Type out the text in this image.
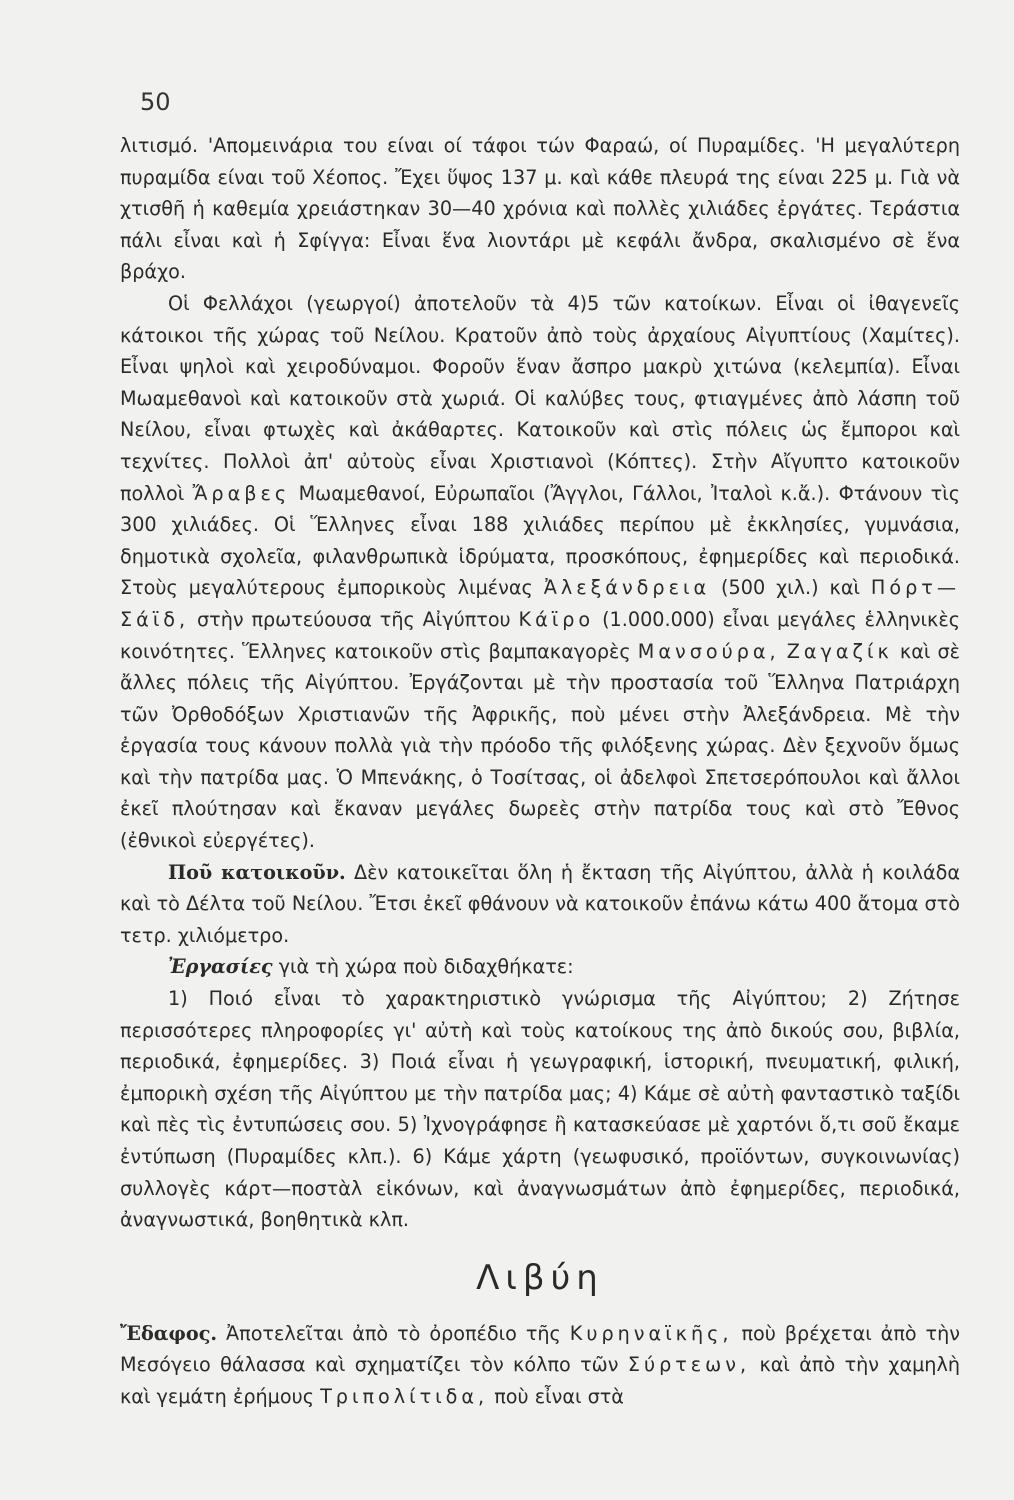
50

λιτισμό. 'Απομεινάρια του είναι οί τάφοι τών Φαραώ, οί Πυραμίδες. 'Η μεγαλύτερη πυραμίδα είναι τοῦ Χέοπος. Ἔχει ὕψος 137 μ. καὶ κάθε πλευρά της είναι 225 μ. Γιὰ νὰ χτισθῆ ἡ καθεμία χρειάστηκαν 30—40 χρόνια καὶ πολλὲς χιλιάδες ἐργάτες. Τεράστια πάλι εἶναι καὶ ἡ Σφίγγα: Εἶναι ἕνα λιοντάρι μὲ κεφάλι ἄνδρα, σκαλισμένο σὲ ἕνα βράχο.

Οἱ Φελλάχοι (γεωργοί) ἀποτελοῦν τὰ 4)5 τῶν κατοίκων. Εἶναι οἱ ἰθαγενεῖς κάτοικοι τῆς χώρας τοῦ Νείλου. Κρατοῦν ἀπὸ τοὺς ἀρχαίους Αἰγυπτίους (Χαμίτες). Εἶναι ψηλοὶ καὶ χειροδύναμοι. Φοροῦν ἕναν ἄσπρο μακρὺ χιτώνα (κελεμπία). Εἶναι Μωαμεθανοὶ καὶ κατοικοῦν στὰ χωριά. Οἱ καλύβες τους, φτιαγμένες ἀπὸ λάσπη τοῦ Νείλου, εἶναι φτωχὲς καὶ ἀκάθαρτες. Κατοικοῦν καὶ στὶς πόλεις ὡς ἔμποροι καὶ τεχνίτες. Πολλοὶ ἀπ' αὐτοὺς εἶναι Χριστιανοὶ (Κόπτες). Στὴν Αἴγυπτο κατοικοῦν πολλοὶ Ἄραβες Μωαμεθανοί, Εὐρωπαῖοι (Ἄγγλοι, Γάλλοι, Ἰταλοὶ κ.ἄ.). Φτάνουν τὶς 300 χιλιάδες. Οἱ Ἕλληνες εἶναι 188 χιλιάδες περίπου μὲ ἐκκλησίες, γυμνάσια, δημοτικὰ σχολεῖα, φιλανθρωπικὰ ἱδρύματα, προσκόπους, ἐφημερίδες καὶ περιοδικά. Στοὺς μεγαλύτερους ἐμπορικοὺς λιμένας Ἀλεξάνδρεια (500 χιλ.) καὶ Πόρτ—Σάϊδ, στὴν πρωτεύουσα τῆς Αἰγύπτου Κάϊρο (1.000.000) εἶναι μεγάλες ἑλληνικὲς κοινότητες. Ἕλληνες κατοικοῦν στὶς βαμπακαγορὲς Μανσούρα, Ζαγαζίκ καὶ σὲ ἄλλες πόλεις τῆς Αἰγύπτου. Ἐργάζονται μὲ τὴν προστασία τοῦ Ἕλληνα Πατριάρχη τῶν Ὀρθοδόξων Χριστιανῶν τῆς Ἀφρικῆς, ποὺ μένει στὴν Ἀλεξάνδρεια. Μὲ τὴν ἐργασία τους κάνουν πολλὰ γιὰ τὴν πρόοδο τῆς φιλόξενης χώρας. Δὲν ξεχνοῦν ὅμως καὶ τὴν πατρίδα μας. Ὁ Μπενάκης, ὁ Τοσίτσας, οἱ ἀδελφοὶ Σπετσερόπουλοι καὶ ἄλλοι ἐκεῖ πλούτησαν καὶ ἔκαναν μεγάλες δωρεὲς στὴν πατρίδα τους καὶ στὸ Ἔθνος (ἐθνικοὶ εὐεργέτες).

Ποῦ κατοικοῦν. Δὲν κατοικεῖται ὅλη ἡ ἔκταση τῆς Αἰγύπτου, ἀλλὰ ἡ κοιλάδα καὶ τὸ Δέλτα τοῦ Νείλου. Ἔτσι ἐκεῖ φθάνουν νὰ κατοικοῦν ἐπάνω κάτω 400 ἄτομα στὸ τετρ. χιλιόμετρο.

Ἐργασίες γιὰ τὴ χώρα ποὺ διδαχθήκατε:

1) Ποιό εἶναι τὸ χαρακτηριστικὸ γνώρισμα τῆς Αἰγύπτου; 2) Ζήτησε περισσότερες πληροφορίες γι' αὐτὴ καὶ τοὺς κατοίκους της ἀπὸ δικούς σου, βιβλία, περιοδικά, ἐφημερίδες. 3) Ποιά εἶναι ἡ γεωγραφική, ἱστορική, πνευματική, φιλική, ἐμπορικὴ σχέση τῆς Αἰγύπτου με τὴν πατρίδα μας; 4) Κάμε σὲ αὐτὴ φανταστικὸ ταξίδι καὶ πὲς τὶς ἐντυπώσεις σου. 5) Ἰχνογράφησε ἢ κατασκεύασε μὲ χαρτόνι ὅ,τι σοῦ ἔκαμε ἐντύπωση (Πυραμίδες κλπ.). 6) Κάμε χάρτη (γεωφυσικό, προϊόντων, συγκοινωνίας) συλλογὲς κάρτ—ποστὰλ εἰκόνων, καὶ ἀναγνωσμάτων ἀπὸ ἐφημερίδες, περιοδικά, ἀναγνωστικά, βοηθητικὰ κλπ.

Λιβύη

Ἔδαφος. Ἀποτελεῖται ἀπὸ τὸ ὀροπέδιο τῆς Κυρηναϊκῆς, ποὺ βρέχεται ἀπὸ τὴν Μεσόγειο θάλασσα καὶ σχηματίζει τὸν κόλπο τῶν Σύρτεων, καὶ ἀπὸ τὴν χαμηλὴ καὶ γεμάτη ἐρήμους Τριπολίτιδα, ποὺ εἶναι στὰ
